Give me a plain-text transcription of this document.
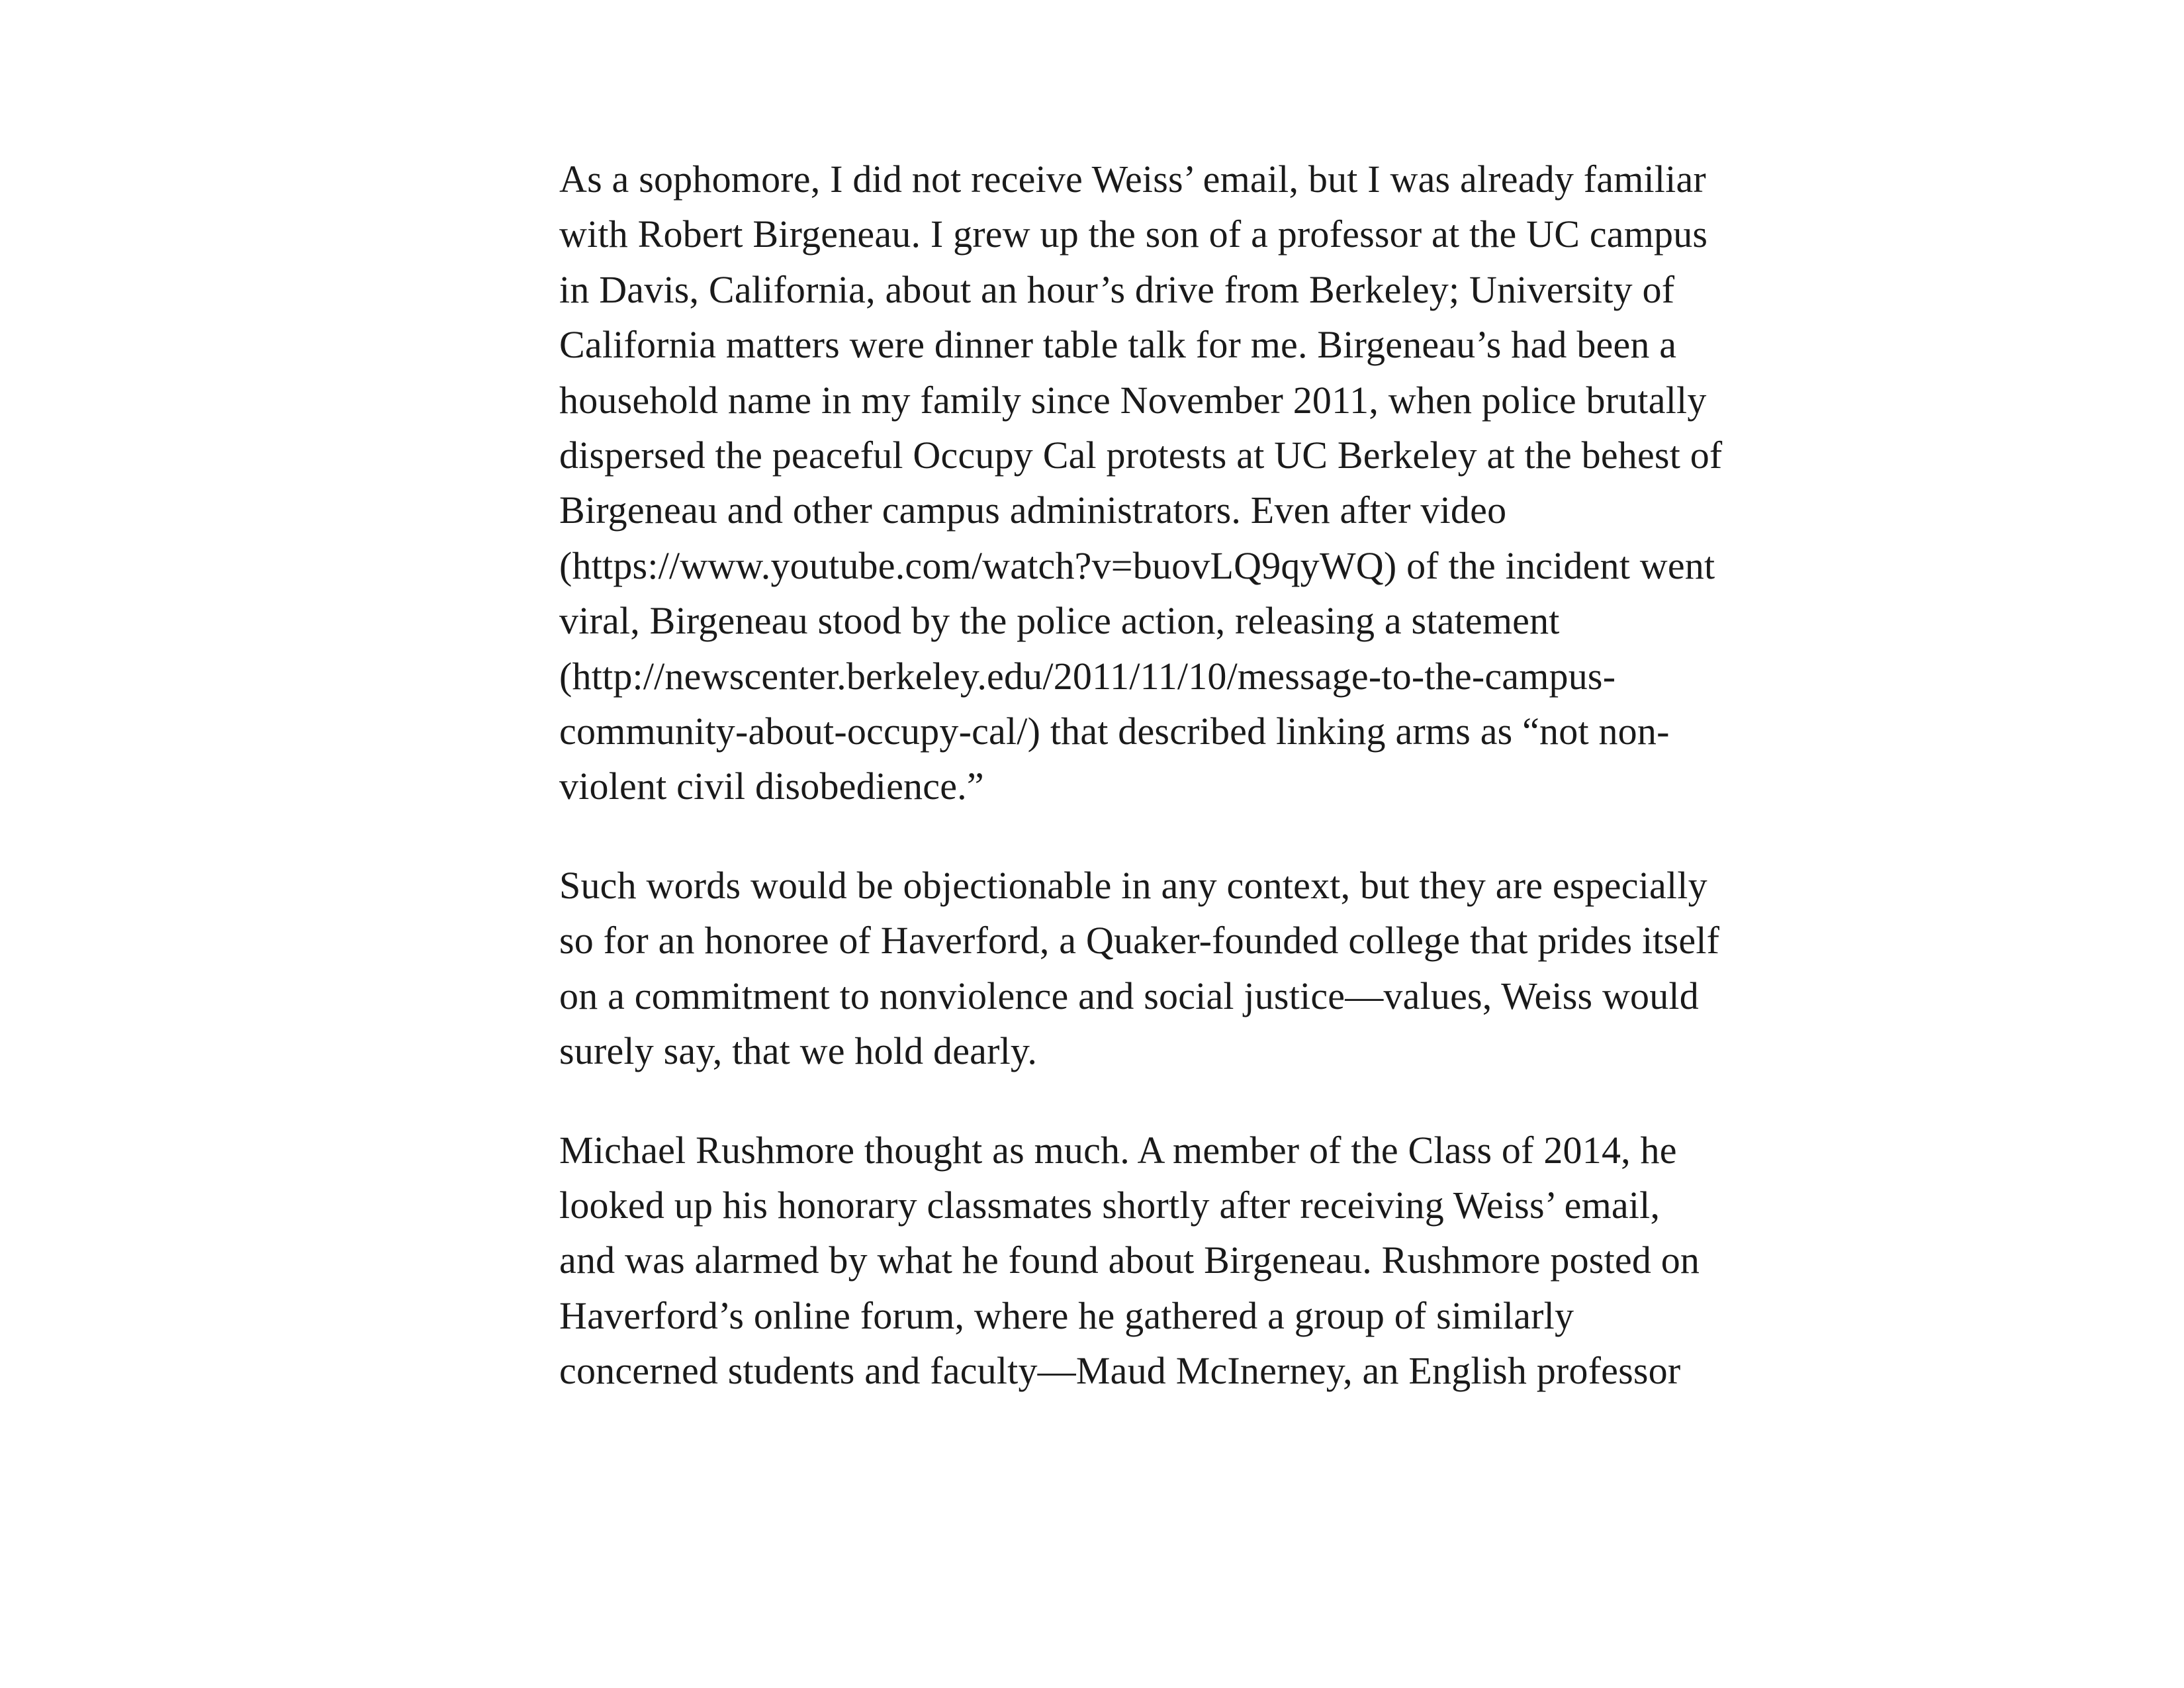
As a sophomore, I did not receive Weiss’ email, but I was already familiar
with Robert Birgeneau. I grew up the son of a professor at the UC campus
in Davis, California, about an hour’s drive from Berkeley; University of
California matters were dinner table talk for me. Birgeneau’s had been a
household name in my family since November 2011, when police brutally
dispersed the peaceful Occupy Cal protests at UC Berkeley at the behest of
Birgeneau and other campus administrators. Even after video
(https://www.youtube.com/watch?v=buovLQ9qyWQ) of the incident went
viral, Birgeneau stood by the police action, releasing a statement
(http://newscenter.berkeley.edu/2011/11/10/message-to-the-campus-
community-about-occupy-cal/) that described linking arms as “not non-
violent civil disobedience.”
Such words would be objectionable in any context, but they are especially
so for an honoree of Haverford, a Quaker-founded college that prides itself
on a commitment to nonviolence and social justice—values, Weiss would
surely say, that we hold dearly.
Michael Rushmore thought as much. A member of the Class of 2014, he
looked up his honorary classmates shortly after receiving Weiss’ email,
and was alarmed by what he found about Birgeneau. Rushmore posted on
Haverford’s online forum, where he gathered a group of similarly
concerned students and faculty—Maud McInerney, an English professor
